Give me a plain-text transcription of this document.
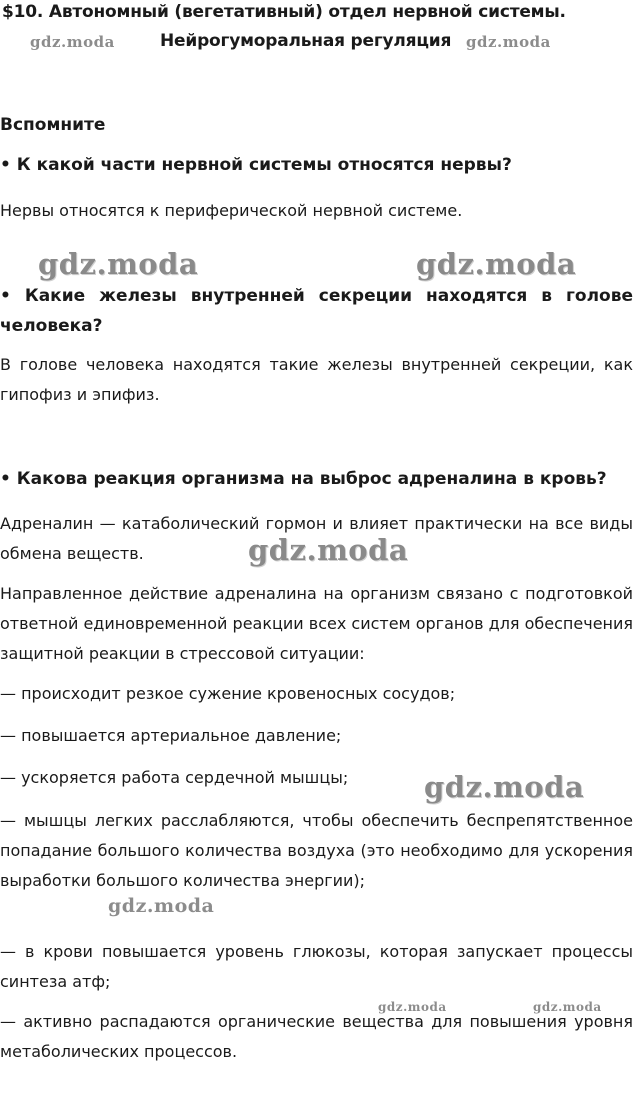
$10. Автономный (вегетативный) отдел нервной системы.
Нейрогуморальная регуляция
Вспомните
• К какой части нервной системы относятся нервы?
Нервы относятся к периферической нервной системе.
• Какие железы внутренней секреции находятся в голове человека?
В голове человека находятся такие железы внутренней секреции, как гипофиз и эпифиз.
• Какова реакция организма на выброс адреналина в кровь?
Адреналин — катаболический гормон и влияет практически на все виды обмена веществ.
Направленное действие адреналина на организм связано с подготовкой ответной единовременной реакции всех систем органов для обеспечения защитной реакции в стрессовой ситуации:
— происходит резкое сужение кровеносных сосудов;
— повышается артериальное давление;
— ускоряется работа сердечной мышцы;
— мышцы легких расслабляются, чтобы обеспечить беспрепятственное попадание большого количества воздуха (это необходимо для ускорения выработки большого количества энергии);
— в крови повышается уровень глюкозы, которая запускает процессы синтеза атф;
— активно распадаются органические вещества для повышения уровня метаболических процессов.
gdz.moda	gdz.moda
gdz.moda	gdz.moda
gdz.moda
gdz.moda
gdz.moda
gdz.moda	gdz.moda
